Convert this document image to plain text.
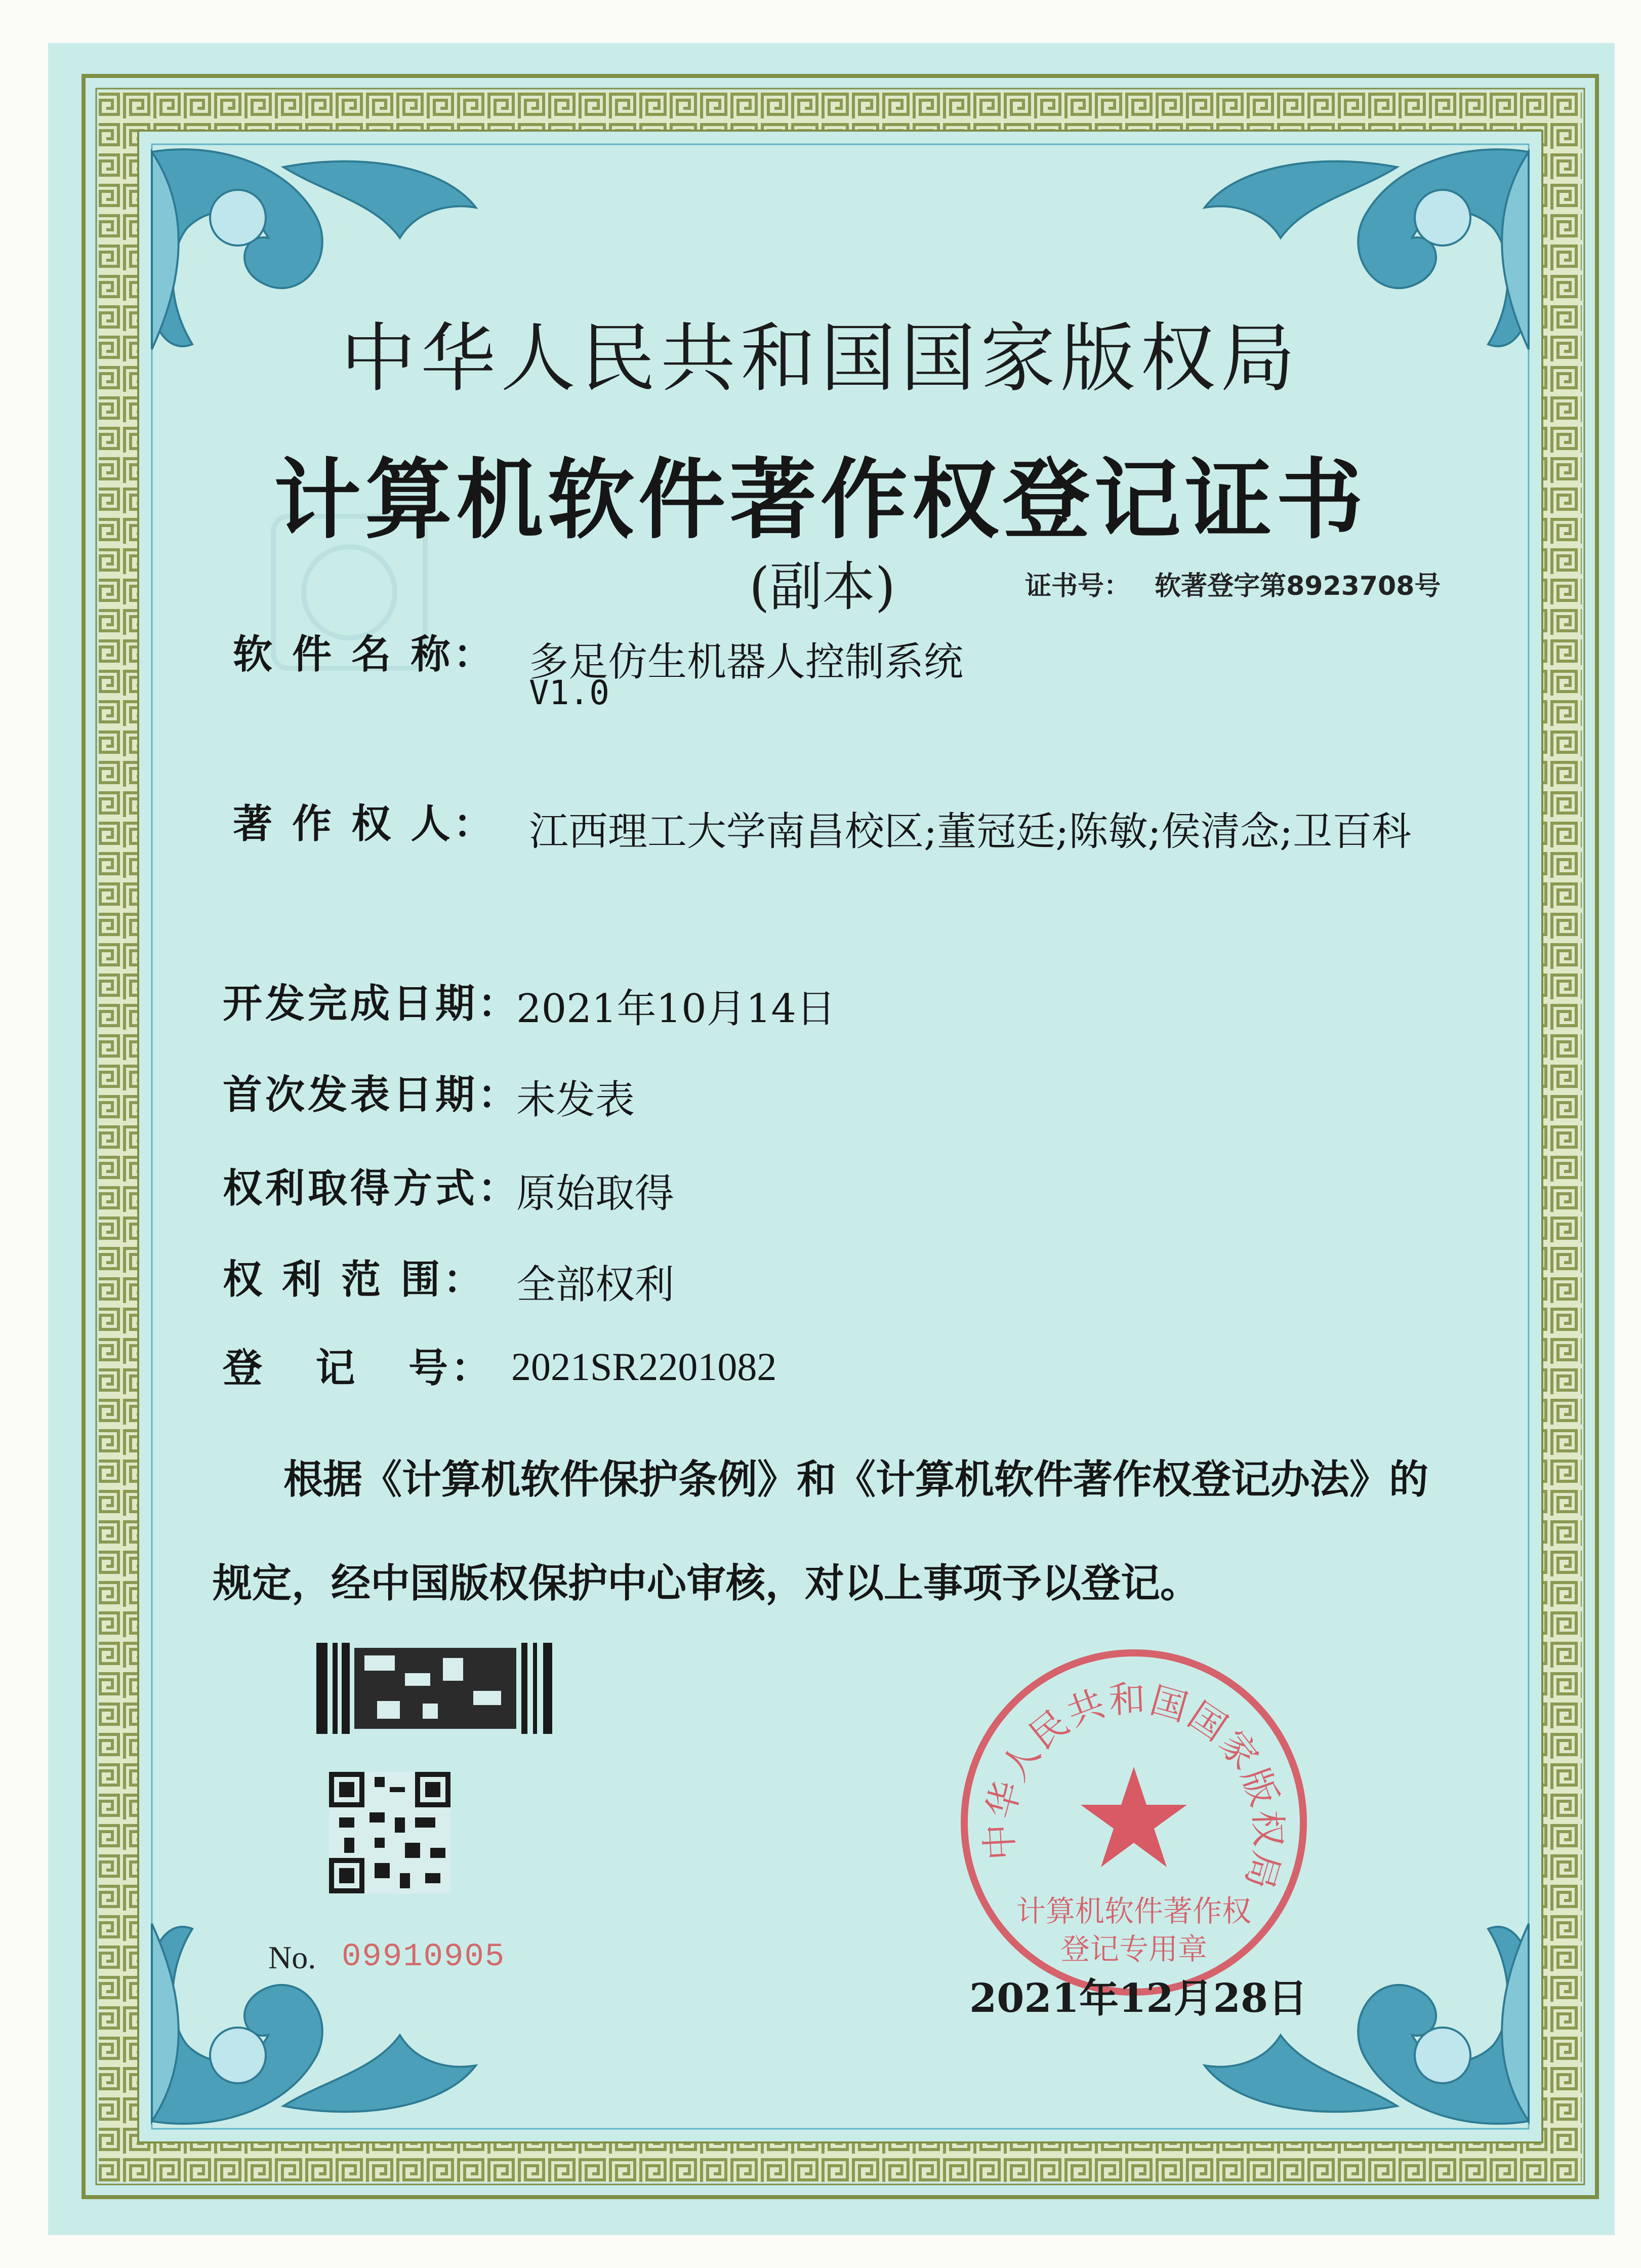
中华人民共和国国家版权局
计算机软件著作权登记证书
(副本)	证书号： 软著登字第8923708号
软 件 名 称： 多足仿生机器人控制系统
V1.0
著 作 权 人： 江西理工大学南昌校区;董冠廷;陈敏;侯清念;卫百科
开发完成日期：
2021年10月14日
首次发表日期：
未发表
权利取得方式：
原始取得
权 利 范 围： 全部权利
登   记   号： 2021SR2201082
根据《计算机软件保护条例》和《计算机软件著作权登记办法》的
规定，经中国版权保护中心审核，对以上事项予以登记。
No. 09910905
中华人民共和国国家版权局
计算机软件著作权
登记专用章
2021年12月28日
